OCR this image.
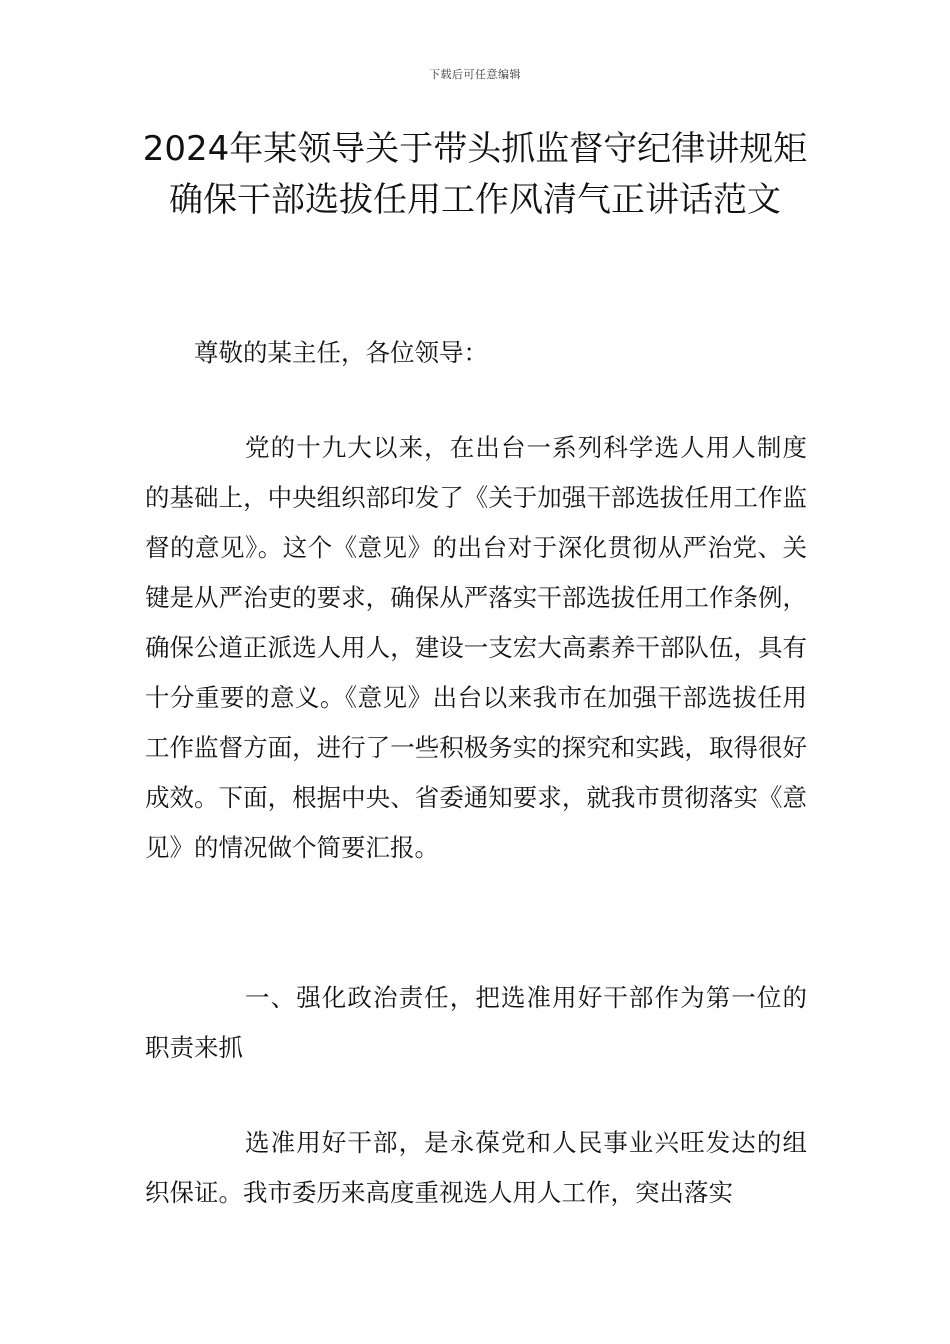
下载后可任意编辑
2024年某领导关于带头抓监督守纪律讲规矩 确保干部选拔任用工作风清气正讲话范文

尊敬的某主任，各位领导：

党的十九大以来，在出台一系列科学选人用人制度的基础上，中央组织部印发了《关于加强干部选拔任用工作监督的意见》。这个《意见》的出台对于深化贯彻从严治党、关键是从严治吏的要求，确保从严落实干部选拔任用工作条例，确保公道正派选人用人，建设一支宏大高素养干部队伍，具有十分重要的意义。《意见》出台以来我市在加强干部选拔任用工作监督方面，进行了一些积极务实的探究和实践，取得很好成效。下面，根据中央、省委通知要求，就我市贯彻落实《意见》的情况做个简要汇报。

一、强化政治责任，把选准用好干部作为第一位的职责来抓

选准用好干部，是永葆党和人民事业兴旺发达的组织保证。我市委历来高度重视选人用人工作，突出落实
